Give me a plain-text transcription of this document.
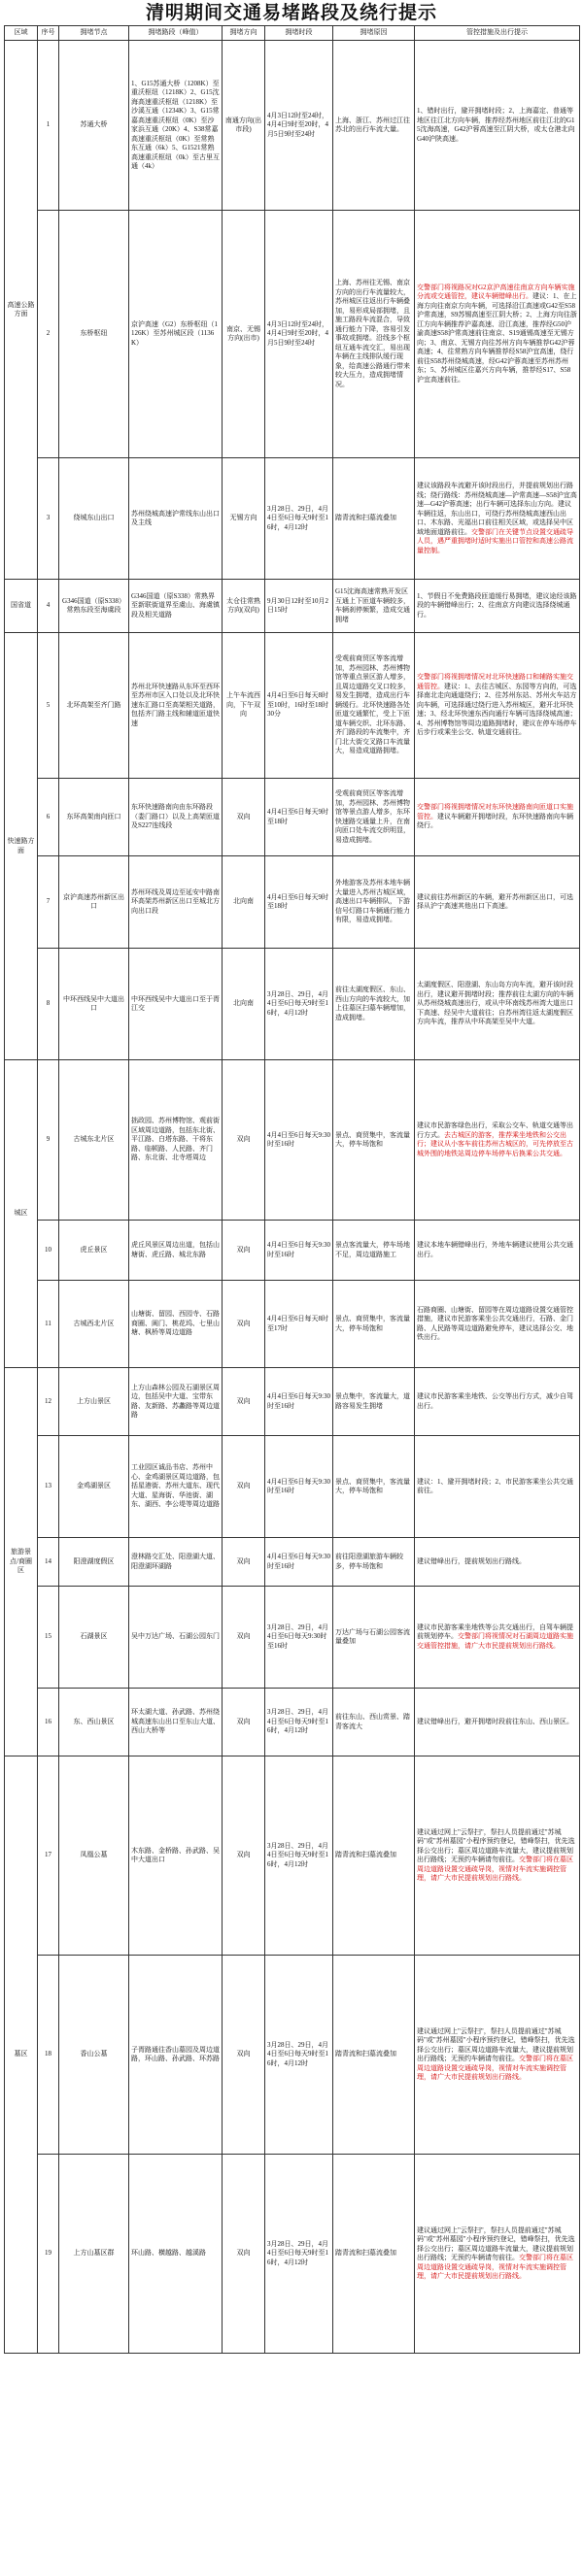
清明期间交通易堵路段及绕行提示
区域	序号	拥堵节点	拥堵路段（峰值）	拥堵方向	拥堵时段	拥堵原因	管控措施及出行提示
高速公路方面	1	苏通大桥	1、G15苏通大桥（1208K）至重沃枢纽（1218K）2、G15沈海高速重沃枢纽（1218K）至沙溪互通（1234K）3、G15常嘉高速重沃枢纽（0K）至沙家浜互通（20K）4、S38常嘉高速重沃枢纽（0K）至常熟东互通（6k）5、G1521常熟高速重沃枢纽（0k）至古里互通（4k）	南通方向(出市段)	4月3日12时至24时，4月4日9时至20时，4月5日9时至24时	上海、浙江、苏州过江往苏北的出行车流大量。	1、错时出行，避开拥堵时段；2、上海嘉定、普通等地区往江北方向车辆，推荐经苏州地区前往江北的G15沈海高速，G42沪蓉高速至江阴大桥，或太仓港北向G40沪陕高速。
	2	东桥枢纽	京沪高速（G2）东桥枢纽（1126K）至苏州城区段（1136K）	南京、无锡方向(出市)	4月3日12时至24时，4月4日9时至20时，4月5日9时至24时	上海、苏州往无锡、南京方向的出行车流量较大，苏州城区往返出行车辆叠加，易形成局部拥堵，且施工路段车流混合，导致通行能力下降，容易引发事故或拥堵。沿线多个枢纽互通车流交汇，易出现车辆在主线排队缓行现象，给高速公路通行带来较大压力，造成拥堵情况。	交警部门将视路况对G2京沪高速往南京方向车辆实施分流或交通管控，建议车辆错峰出行。建议：1、在上海方向往南京方向车辆，可选择沿江高速或G42至S58沪常高速，S9苏锡高速至江阴大桥；2、上海方向往浙江方向车辆推荐沪嘉高速、沿江高速，推荐经G50沪渝高速S58沪常高速前往南京、S19通锡高速至无锡方向；3、南京、无锡方向往苏州方向车辆推荐G42沪蓉高速；4、往常熟方向车辆推荐经S58沪宜高速，绕行前往S58苏州绕城高速，经G42沪蓉高速至苏州苏州东；5、苏州城区往嘉兴方向车辆，推荐经S17、S58沪宜高速前往。
	3	绕城东山出口	苏州绕城高速沪常线东山出口及主线	无锡方向	3月28日、29日，4月4日至6日每天9时至16时，4月12时	踏青流和扫墓流叠加	建议该路段车流避开该时段出行，并提前规划出行路线；绕行路线：苏州绕城高速—沪常高速—S58沪宜高速—G42沪蓉高速；出行车辆可选择东山方向。建议车辆往返，东山出口，可绕行苏州绕城高速西山出口、木东路、光福出口前往相关区域，或选择吴中区域地面道路前往。交警部门在关键节点设置交通疏导人员，遇严重拥堵时适时实施出口管控和高速公路流量控制。
国省道	4	G346国道（原S338）常熟东段至海虞段	G346国道（原S338）常熟界至新联街道界至虞山、海虞镇段及相关道路	太仓往常熟方向(双向)	9月30日12时至10月2日15时	G15沈海高速常熟开发区互通上下匝道车辆较多，车辆刹停频繁，造成交通拥堵	1、节假日不免费路段匝道缓行易拥堵，建议途经该路段的车辆错峰出行；2、往南京方向建议选择绕城通行。
快速路方面	5	北环高架至齐门路	苏州北环快速路从东环至西环至苏州市区入口处以及北环快速东汇路口至高架相关道路，包括齐门路主线和辅道匝道快速	上午车流西向，下午双向	4月4日至6日每天8时至10时，16时至18时30分	受观前商贸区等客流增加，苏州园林、苏州博物馆等重点景区游人增多，且周边道路交叉口较多，易发生拥堵，造成出行车辆缓行。北环快速路各处匝道交通繁忙，受上下匝道车辆交织、北环东路、齐门路段的车流集中，齐门北大街交叉路口车流量大，易造成道路拥堵。	交警部门将视拥堵情况对北环快速路口和辅路实施交通管控。建议：1、去往古城区、东园等方向的，可选择南北走向通道绕行；2、往苏州东站、苏州火车站方向车辆，可选择通过绕行进入苏州城区，避开北环快速；3、经北环快速东西向通行车辆可选择绕城高速；4、苏州博物馆等周边道路拥堵时，建议在停车场停车后步行或乘坐公交、轨道交通前往。
	6	东环高架南向匝口	东环快速路南向由东环路段（娄门路口）以及上高架匝道及S227连线段	双向	4月4日至6日每天9时至18时	受观前商贸区等客流增加，苏州园林、苏州博物馆等景点游人增多，东环快速路交通量上升，在南向匝口处车流交织明显，易造成拥堵。	交警部门将视拥堵情况对东环快速路南向匝道口实施管控。建议车辆避开拥堵时段，东环快速路南向车辆绕行。
	7	京沪高速苏州新区出口	苏州环线及周边至延安中路南环高架苏州新区出口至城北方向出口段	北向南	4月4日至6日每天9时至18时	外地游客及苏州本地车辆大量进入苏州古城区域，高速出口车辆排队，下游信号灯路口车辆通行能力有限，易造成拥堵。	建议前往苏州新区的车辆，避开苏州新区出口，可选择从沪宁高速其他出口下高速。
	8	中环西线吴中大道出口	中环西线吴中大道出口至于胥江交	北向南	3月28日、29日，4月4日至6日每天9时至16时，4月12时	前往太湖度假区、东山、西山方向的车流较大，加上往墓区扫墓车辆增加，造成拥堵。	太湖度假区、阳澄湖、东山岛方向车流，避开该时段出行，建议避开拥堵时段；推荐前往太湖方向的车辆从苏州绕城高速出行，或从中环南线苏州湾大道出口下高速、经吴中大道前往；自苏州湾往返太湖度假区方向车流，推荐从中环高架至吴中大道。
城区	9	古城东北片区	拙政园、苏州博物馆、观前街区域周边道路，包括东北街、平江路、白塔东路、干将东路、临顿路、人民路、齐门路、东北街、北寺塔周边	双向	4月4日至6日每天9:30时至16时	景点、商贸集中，客流量大，停车场饱和	建议市民游客绿色出行，采取公交车、轨道交通等出行方式。去古城区的游客，推荐乘坐地铁和公交出行；建议从小客车前往苏州古城区的，可先停放至古城外围的地铁站周边停车场停车后换乘公共交通。
	10	虎丘景区	虎丘风景区周边出道，包括山塘街、虎丘路、城北东路	双向	4月4日至6日每天9:30时至16时	景点客流量大，停车场地不足，周边道路施工	建议本地车辆错峰出行，外地车辆建议使用公共交通出行。
	11	古城西北片区	山塘街、留园、西园寺、石路商圈、阊门、桃花坞、七里山塘、枫桥等周边道路	双向	4月4日至6日每天8时至17时	景点、商贸集中，客流量大，停车场饱和	石路商圈、山塘街、留园等在周边道路设置交通管控措施，建议市民游客乘坐公共交通出行，石路、金门路、人民路等周边道路避免停车，建议选择公交、地铁出行。
旅游景点/商圈区	12	上方山景区	上方山森林公园及石湖景区周边，包括吴中大道、宝带东路、友新路、苏蠡路等周边道路	双向	4月4日至6日每天9:30时至16时	景点集中，客流量大，道路容易发生拥堵	建议市民游客乘坐地铁、公交等出行方式，减少自驾出行。
	13	金鸡湖景区	工业园区诚品书店、苏州中心、金鸡湖景区周边道路，包括星港街、苏州大道东、现代大道、星海街、华池街、湖东、湖西、李公堤等周边道路	双向	4月4日至6日每天9:30时至16时	景点、商贸集中，客流量大，停车场饱和	建议：1、避开拥堵时段；2、市民游客乘坐公共交通前往。
	14	阳澄湖度假区	澄林路交汇处、阳澄湖大道、阳澄湖环湖路	双向	4月4日至6日每天9:30时至16时	前往阳澄湖旅游车辆较多，停车场饱和	建议错峰出行，提前规划出行路线。
	15	石湖景区	吴中万达广场、石湖公园东门	双向	3月28日、29日，4月4日至6日每天9:30时至16时	万达广场与石湖公园客流量叠加	建议市民游客乘坐地铁等公共交通出行，自驾车辆提前规划停车。交警部门将视情况对石湖周边道路实施交通管控措施，请广大市民提前规划出行路线。
	16	东、西山景区	环太湖大道、孙武路、苏州绕城高速东山出口至东山大道、西山大桥等	双向	3月28日、29日，4月4日至6日每天9时至16时，4月12时	前往东山、西山赏景、踏青客流大	建议错峰出行，避开拥堵时段前往东山、西山景区。
墓区	17	凤凰公墓	木东路、金桥路、孙武路、吴中大道出口	双向	3月28日、29日，4月4日至6日每天9时至16时，4月12时	踏青流和扫墓流叠加	建议通过网上"云祭扫"，祭扫人员提前通过"苏城码"或"苏州墓园"小程序预约登记，错峰祭扫，优先选择公交出行；墓区周边道路车流量大，建议提前规划出行路线；无预约车辆请勿前往。交警部门将在墓区周边道路设置交通疏导岗，视情对车流实施调控管理，请广大市民提前规划出行路线。
	18	香山公墓	子胥路通往香山墓园及周边道路，环山路、孙武路、环苏路	双向	3月28日、29日，4月4日至6日每天9时至16时，4月12时	踏青流和扫墓流叠加	建议通过网上"云祭扫"，祭扫人员提前通过"苏城码"或"苏州墓园"小程序预约登记，错峰祭扫，优先选择公交出行；墓区周边道路车流量大，建议提前规划出行路线；无预约车辆请勿前往。交警部门将在墓区周边道路设置交通疏导岗，视情对车流实施调控管理，请广大市民提前规划出行路线。
	19	上方山墓区群	环山路、横越路、越溪路	双向	3月28日、29日，4月4日至6日每天9时至16时，4月12时	踏青流和扫墓流叠加	建议通过网上"云祭扫"，祭扫人员提前通过"苏城码"或"苏州墓园"小程序预约登记，错峰祭扫，优先选择公交出行；墓区周边道路车流量大，建议提前规划出行路线；无预约车辆请勿前往。交警部门将在墓区周边道路设置交通疏导岗，视情对车流实施调控管理，请广大市民提前规划出行路线。
